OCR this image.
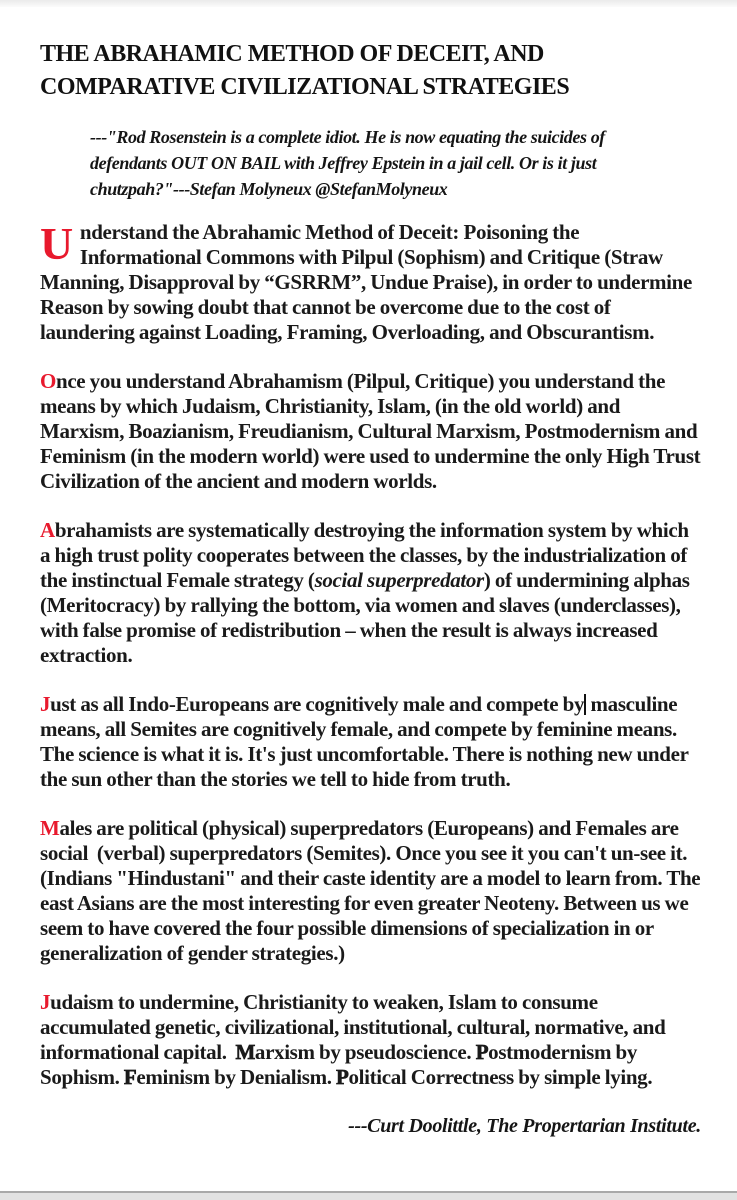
THE ABRAHAMIC METHOD OF DECEIT, AND COMPARATIVE CIVILIZATIONAL STRATEGIES
---"Rod Rosenstein is a complete idiot. He is now equating the suicides of defendants OUT ON BAIL with Jeffrey Epstein in a jail cell. Or is it just chutzpah?"---Stefan Molyneux @StefanMolyneux

Understand the Abrahamic Method of Deceit: Poisoning the Informational Commons with Pilpul (Sophism) and Critique (Straw Manning, Disapproval by “GSRRM”, Undue Praise), in order to undermine Reason by sowing doubt that cannot be overcome due to the cost of laundering against Loading, Framing, Overloading, and Obscurantism.

Once you understand Abrahamism (Pilpul, Critique) you understand the means by which Judaism, Christianity, Islam, (in the old world) and Marxism, Boazianism, Freudianism, Cultural Marxism, Postmodernism and Feminism (in the modern world) were used to undermine the only High Trust Civilization of the ancient and modern worlds.

Abrahamists are systematically destroying the information system by which a high trust polity cooperates between the classes, by the industrialization of the instinctual Female strategy (social superpredator) of undermining alphas (Meritocracy) by rallying the bottom, via women and slaves (underclasses), with false promise of redistribution – when the result is always increased extraction.

Just as all Indo-Europeans are cognitively male and compete by masculine means, all Semites are cognitively female, and compete by feminine means. The science is what it is. It's just uncomfortable. There is nothing new under the sun other than the stories we tell to hide from truth.

Males are political (physical) superpredators (Europeans) and Females are social  (verbal) superpredators (Semites). Once you see it you can't un-see it. (Indians "Hindustani" and their caste identity are a model to learn from. The east Asians are the most interesting for even greater Neoteny. Between us we seem to have covered the four possible dimensions of specialization in or generalization of gender strategies.)

Judaism to undermine, Christianity to weaken, Islam to consume accumulated genetic, civilizational, institutional, cultural, normative, and informational capital.  Marxism by pseudoscience. Postmodernism by Sophism. Feminism by Denialism. Political Correctness by simple lying.

---Curt Doolittle, The Propertarian Institute.
